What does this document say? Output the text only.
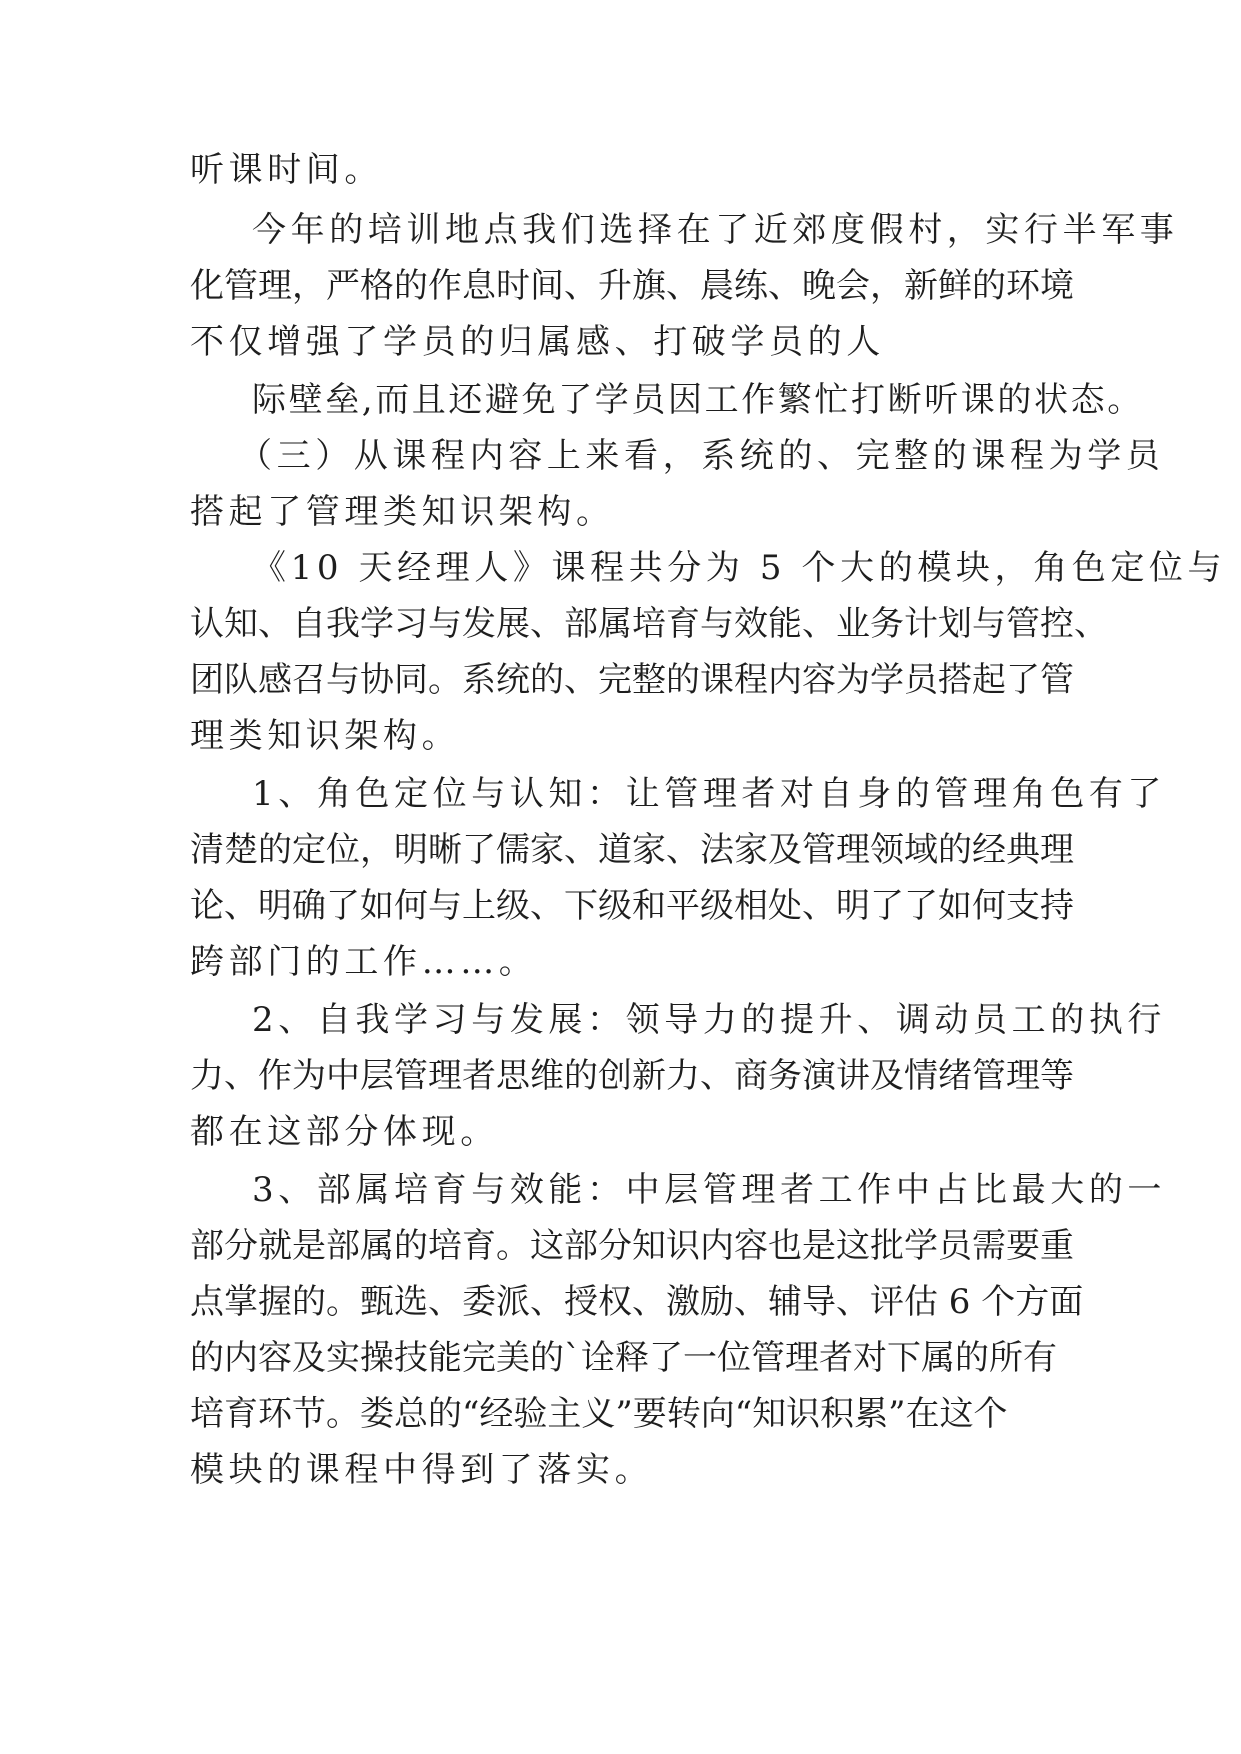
听课时间。

今年的培训地点我们选择在了近郊度假村，实行半军事

化管理，严格的作息时间、升旗、晨练、晚会，新鲜的环境

不仅增强了学员的归属感、打破学员的人

际壁垒,而且还避免了学员因工作繁忙打断听课的状态。

（三）从课程内容上来看，系统的、完整的课程为学员

搭起了管理类知识架构。

《10 天经理人》课程共分为 5 个大的模块，角色定位与

认知、自我学习与发展、部属培育与效能、业务计划与管控、

团队感召与协同。系统的、完整的课程内容为学员搭起了管

理类知识架构。

1、角色定位与认知：让管理者对自身的管理角色有了

清楚的定位，明晰了儒家、道家、法家及管理领域的经典理

论、明确了如何与上级、下级和平级相处、明了了如何支持

跨部门的工作……。

2、自我学习与发展：领导力的提升、调动员工的执行

力、作为中层管理者思维的创新力、商务演讲及情绪管理等

都在这部分体现。

3、部属培育与效能：中层管理者工作中占比最大的一

部分就是部属的培育。这部分知识内容也是这批学员需要重

点掌握的。甄选、委派、授权、激励、辅导、评估 6 个方面

的内容及实操技能完美的`诠释了一位管理者对下属的所有

培育环节。娄总的“经验主义”要转向“知识积累”在这个

模块的课程中得到了落实。
